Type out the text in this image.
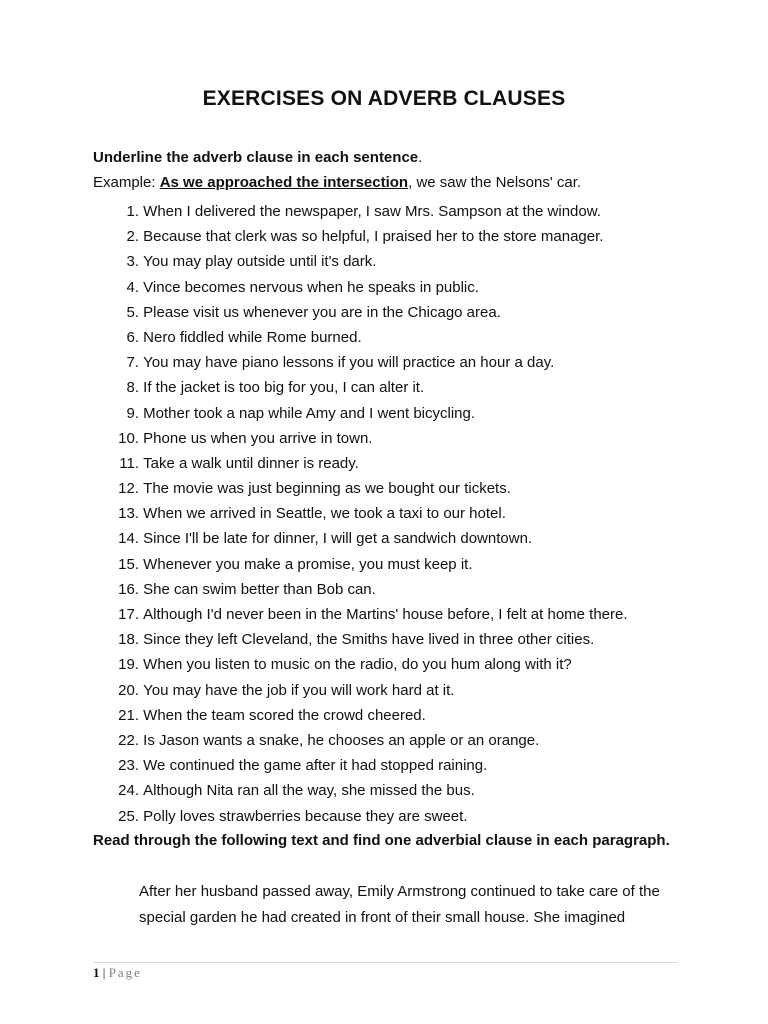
EXERCISES ON ADVERB CLAUSES

Underline the adverb clause in each sentence.

Example: As we approached the intersection, we saw the Nelsons' car.

1. When I delivered the newspaper, I saw Mrs. Sampson at the window.
2. Because that clerk was so helpful, I praised her to the store manager.
3. You may play outside until it's dark.
4. Vince becomes nervous when he speaks in public.
5. Please visit us whenever you are in the Chicago area.
6. Nero fiddled while Rome burned.
7. You may have piano lessons if you will practice an hour a day.
8. If the jacket is too big for you, I can alter it.
9. Mother took a nap while Amy and I went bicycling.
10. Phone us when you arrive in town.
11. Take a walk until dinner is ready.
12. The movie was just beginning as we bought our tickets.
13. When we arrived in Seattle, we took a taxi to our hotel.
14. Since I'll be late for dinner, I will get a sandwich downtown.
15. Whenever you make a promise, you must keep it.
16. She can swim better than Bob can.
17. Although I'd never been in the Martins' house before, I felt at home there.
18. Since they left Cleveland, the Smiths have lived in three other cities.
19. When you listen to music on the radio, do you hum along with it?
20. You may have the job if you will work hard at it.
21. When the team scored the crowd cheered.
22. Is Jason wants a snake, he chooses an apple or an orange.
23. We continued the game after it had stopped raining.
24. Although Nita ran all the way, she missed the bus.
25. Polly loves strawberries because they are sweet.

Read through the following text and find one adverbial clause in each paragraph.

After her husband passed away, Emily Armstrong continued to take care of the special garden he had created in front of their small house. She imagined

1 | Page
